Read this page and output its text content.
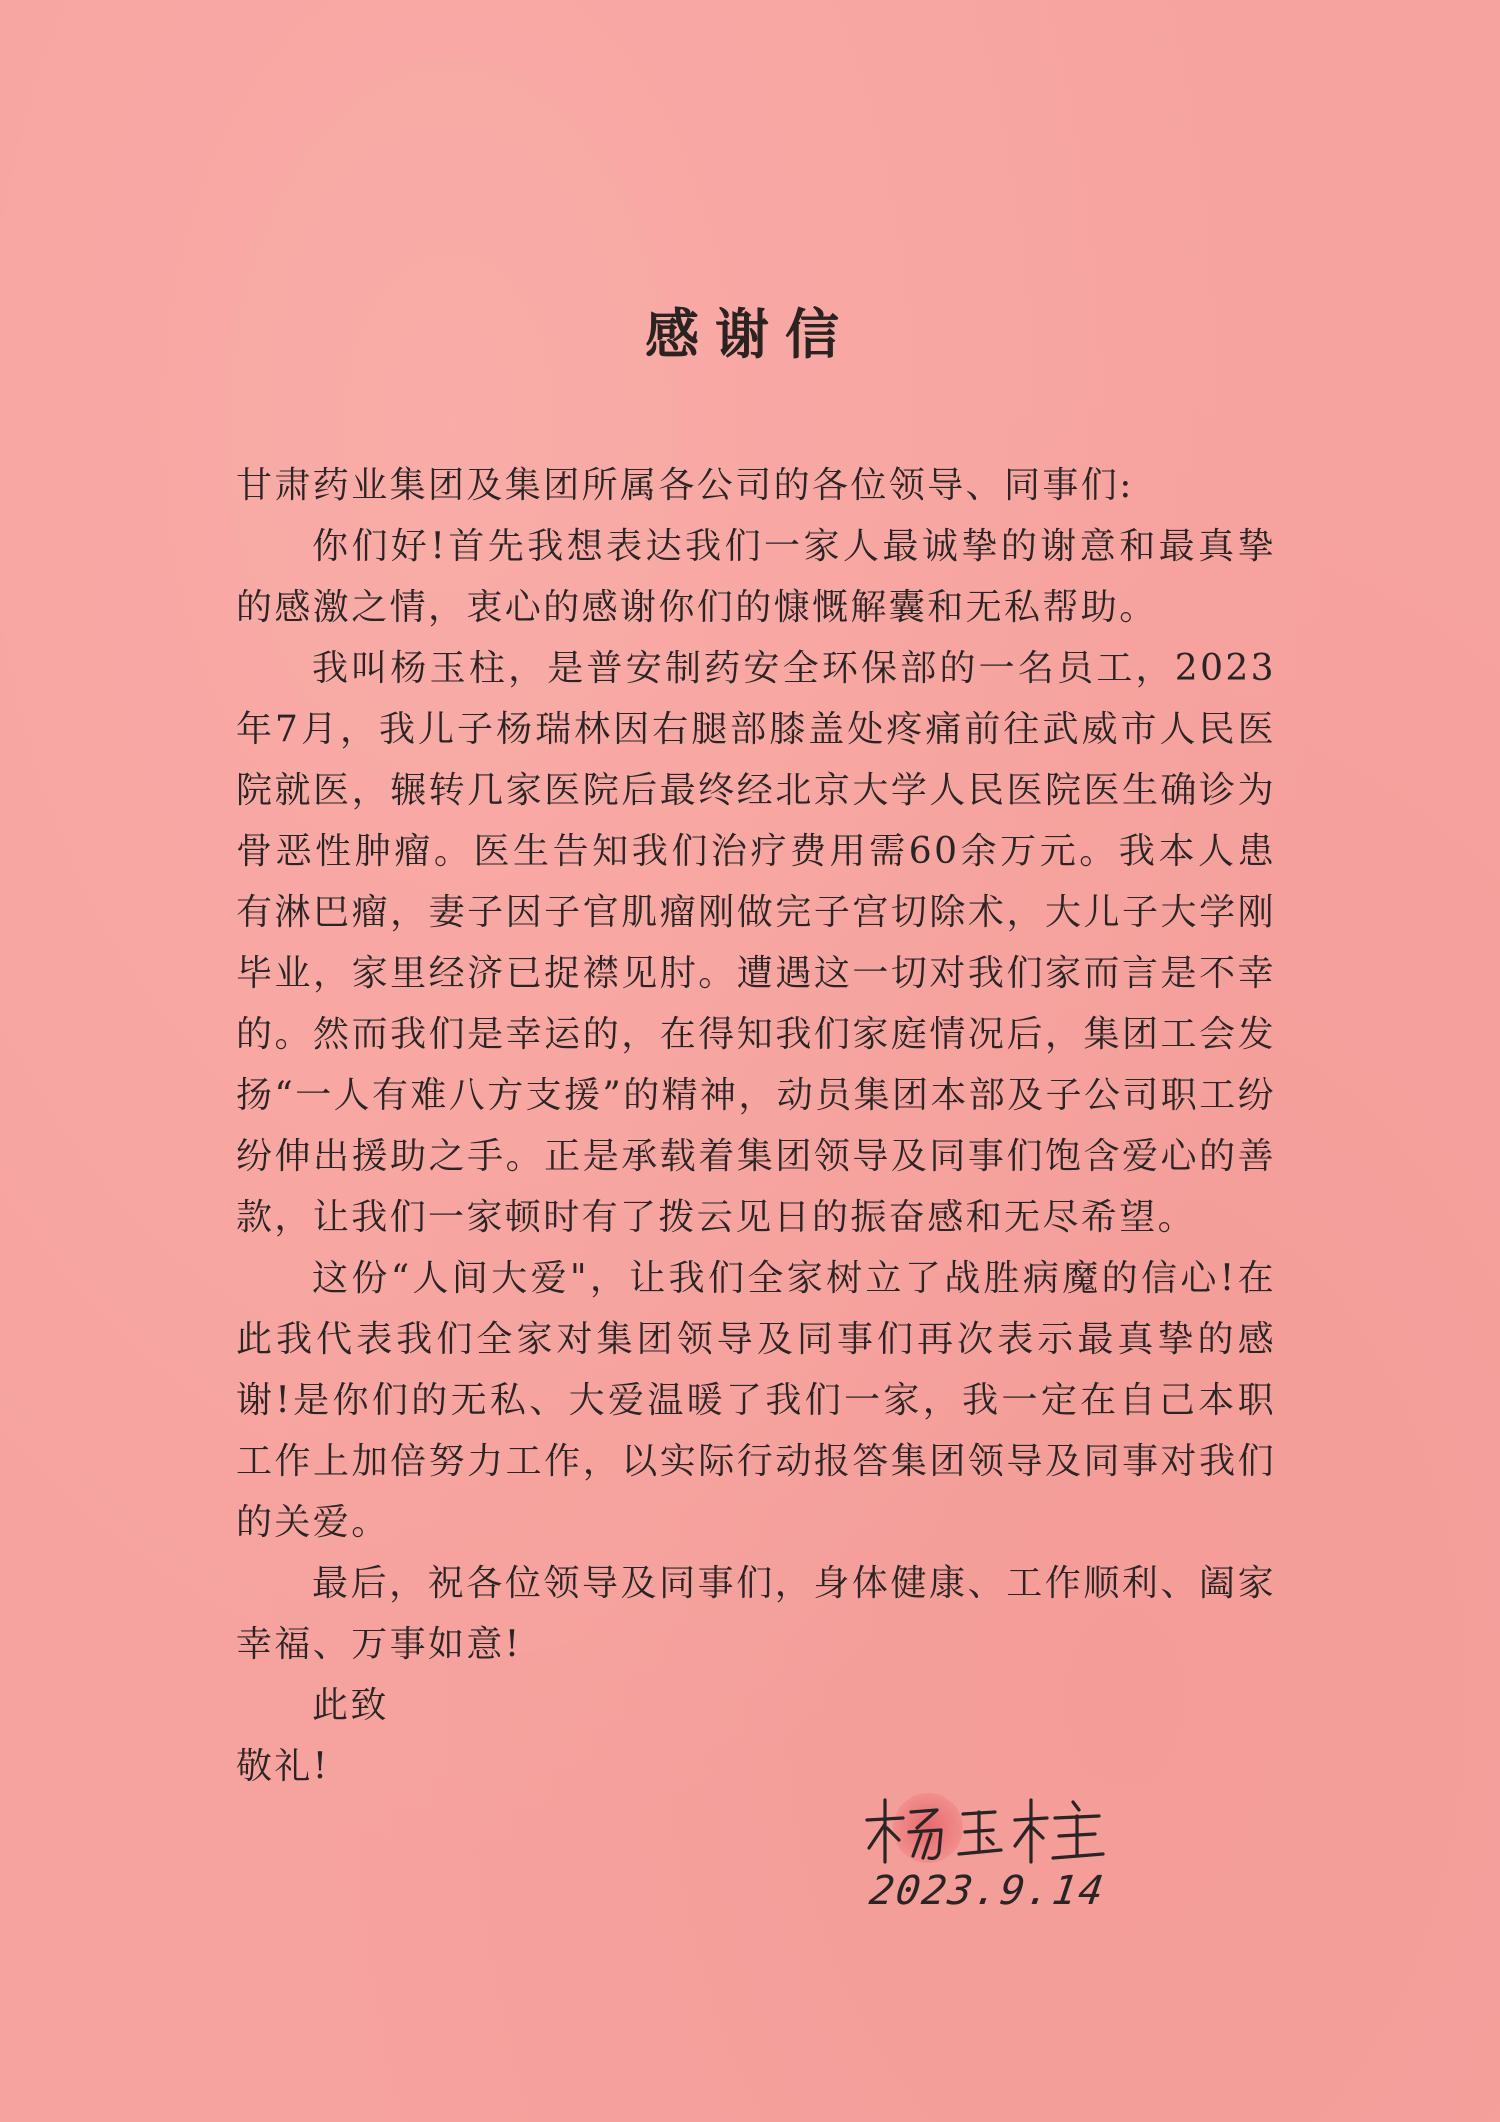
感谢信

甘肃药业集团及集团所属各公司的各位领导、同事们:

你们好!首先我想表达我们一家人最诚挚的谢意和最真挚的感激之情，衷心的感谢你们的慷慨解囊和无私帮助。

我叫杨玉柱，是普安制药安全环保部的一名员工，2023年7月，我儿子杨瑞林因右腿部膝盖处疼痛前往武威市人民医院就医，辗转几家医院后最终经北京大学人民医院医生确诊为骨恶性肿瘤。医生告知我们治疗费用需60余万元。我本人患有淋巴瘤，妻子因子官肌瘤刚做完子宫切除术，大儿子大学刚毕业，家里经济已捉襟见肘。遭遇这一切对我们家而言是不幸的。然而我们是幸运的，在得知我们家庭情况后，集团工会发扬“一人有难八方支援”的精神，动员集团本部及子公司职工纷纷伸出援助之手。正是承载着集团领导及同事们饱含爱心的善款，让我们一家顿时有了拨云见日的振奋感和无尽希望。

这份“人间大爱"，让我们全家树立了战胜病魔的信心!在此我代表我们全家对集团领导及同事们再次表示最真挚的感谢!是你们的无私、大爱温暖了我们一家，我一定在自己本职工作上加倍努力工作，以实际行动报答集团领导及同事对我们的关爱。

最后，祝各位领导及同事们，身体健康、工作顺利、阖家幸福、万事如意!

此致

敬礼!

2023.9.14
